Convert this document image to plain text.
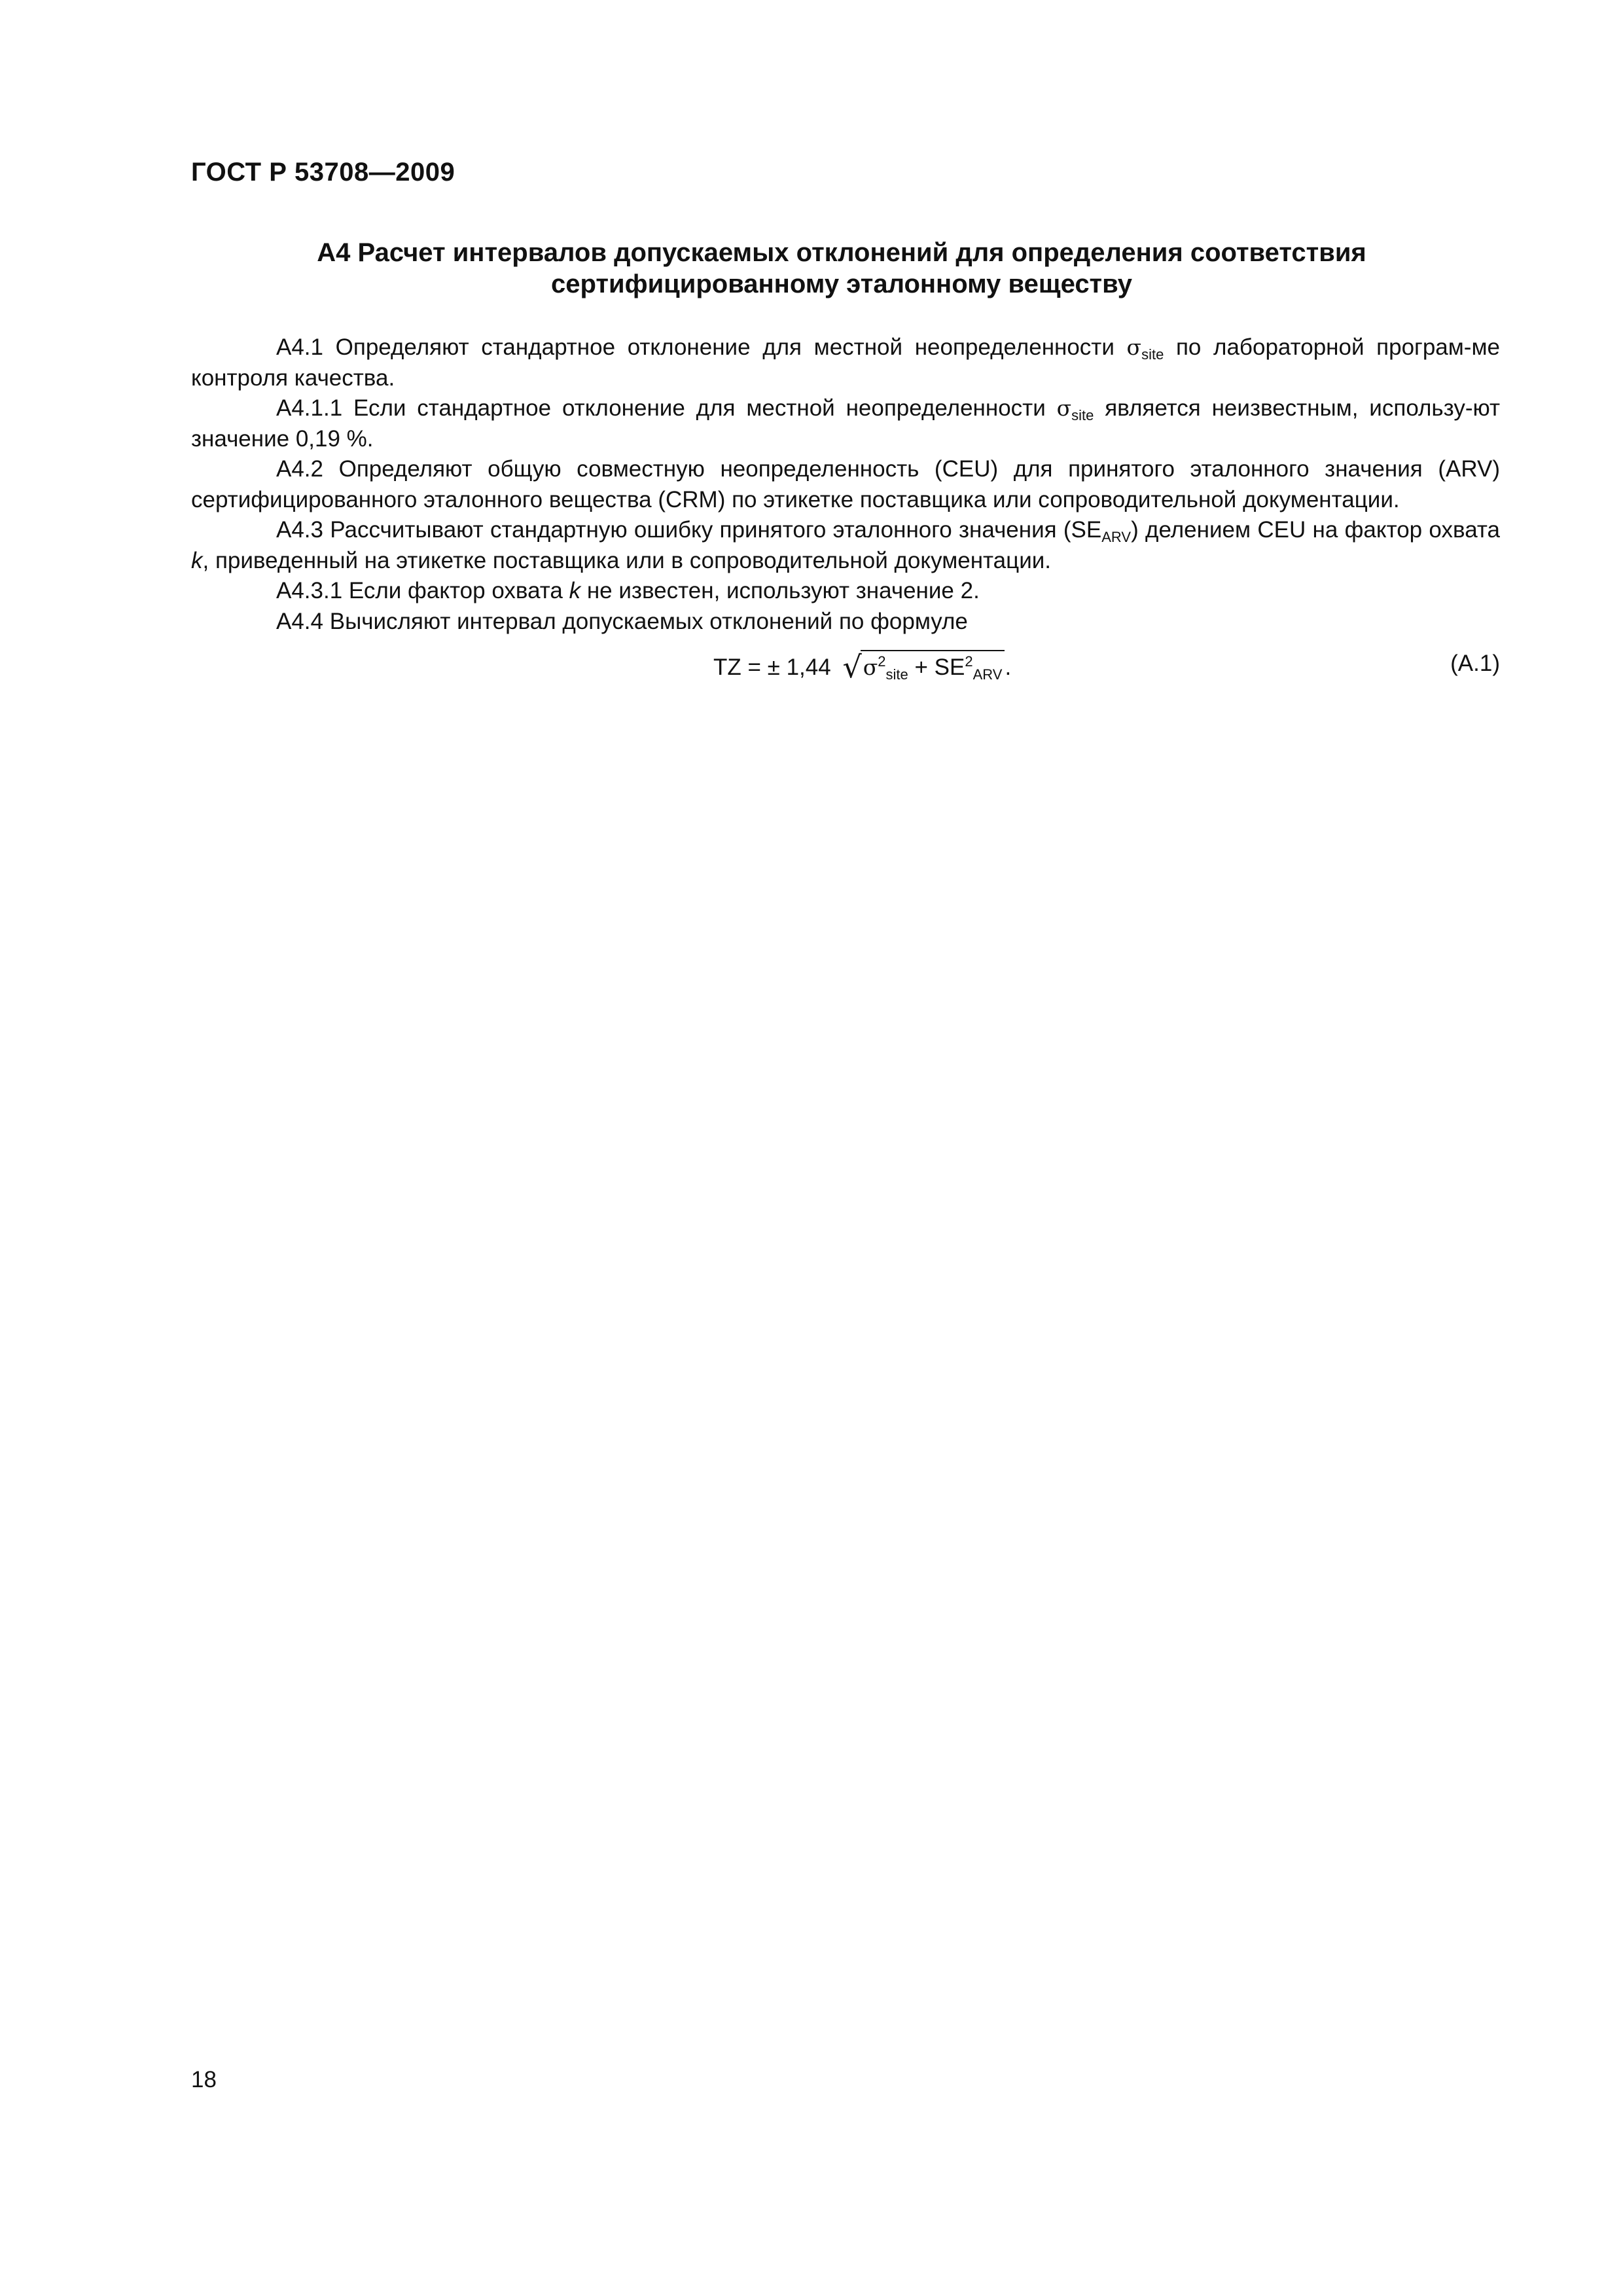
ГОСТ Р 53708—2009
А4 Расчет интервалов допускаемых отклонений для определения соответствия
сертифицированному эталонному веществу

А4.1 Определяют стандартное отклонение для местной неопределенности $\sigma_{site}$ по лабораторной програм-ме контроля качества.

А4.1.1 Если стандартное отклонение для местной неопределенности $\sigma_{site}$ является неизвестным, использу-ют значение 0,19 %.

А4.2 Определяют общую совместную неопределенность (CEU) для принятого эталонного значения (ARV) сертифицированного эталонного вещества (CRM) по этикетке поставщика или сопроводительной документации.

А4.3 Рассчитывают стандартную ошибку принятого эталонного значения $(SE_{ARV})$ делением CEU на фактор охвата k, приведенный на этикетке поставщика или в сопроводительной документации.

А4.3.1 Если фактор охвата k не известен, используют значение 2.

А4.4 Вычисляют интервал допускаемых отклонений по формуле

TZ = ± 1,44 $√\sigma^2_{site} + SE^2_{ARV}$ .	(А.1)
18
